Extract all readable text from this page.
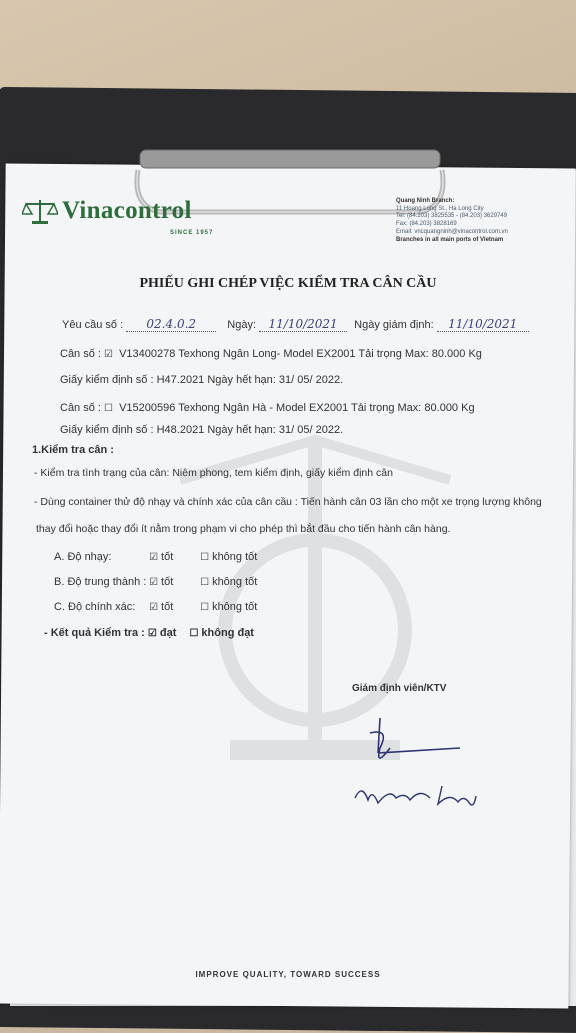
Vinacontrol
SINCE 1957
Quang Ninh Branch:
11 Hoang Long St., Ha Long City
Tel: (84.203) 3825535 - (84.203) 3629749
Fax: (84.203) 3828169
Email: vncquangninh@vinacontrol.com.vn
Branches in all main ports of Vietnam
PHIẾU GHI CHÉP VIỆC KIỂM TRA CÂN CẦU
Yêu cầu số : 02.4.0.2	Ngày: 11/10/2021 Ngày giám định: 11/10/2021
Cân số : ☑ V13400278 Texhong Ngân Long- Model EX2001 Tải trọng Max: 80.000 Kg
Giấy kiểm định số : H47.2021 Ngày hết hạn: 31/ 05/ 2022.
Cân số : ☐ V15200596 Texhong Ngân Hà - Model EX2001 Tải trọng Max: 80.000 Kg
Giấy kiểm định số : H48.2021 Ngày hết hạn: 31/ 05/ 2022.
1.Kiểm tra cân :
- Kiểm tra tình trạng của cân: Niêm phong, tem kiểm định, giấy kiểm định cân
- Dùng container thử độ nhạy và chính xác của cân cầu : Tiến hành cân 03 lần cho một xe trọng lượng không
thay đổi hoặc thay đổi ít nằm trong phạm vi cho phép thì bắt đầu cho tiến hành cân hàng.
A. Độ nhạy:	☑ tốt	☐ không tốt
B. Độ trung thành : ☑ tốt	☐ không tốt
C. Độ chính xác: ☑ tốt	☐ không tốt
- Kết quả Kiểm tra : ☑ đạt ☐ không đạt
Giám định viên/KTV
IMPROVE QUALITY, TOWARD SUCCESS
